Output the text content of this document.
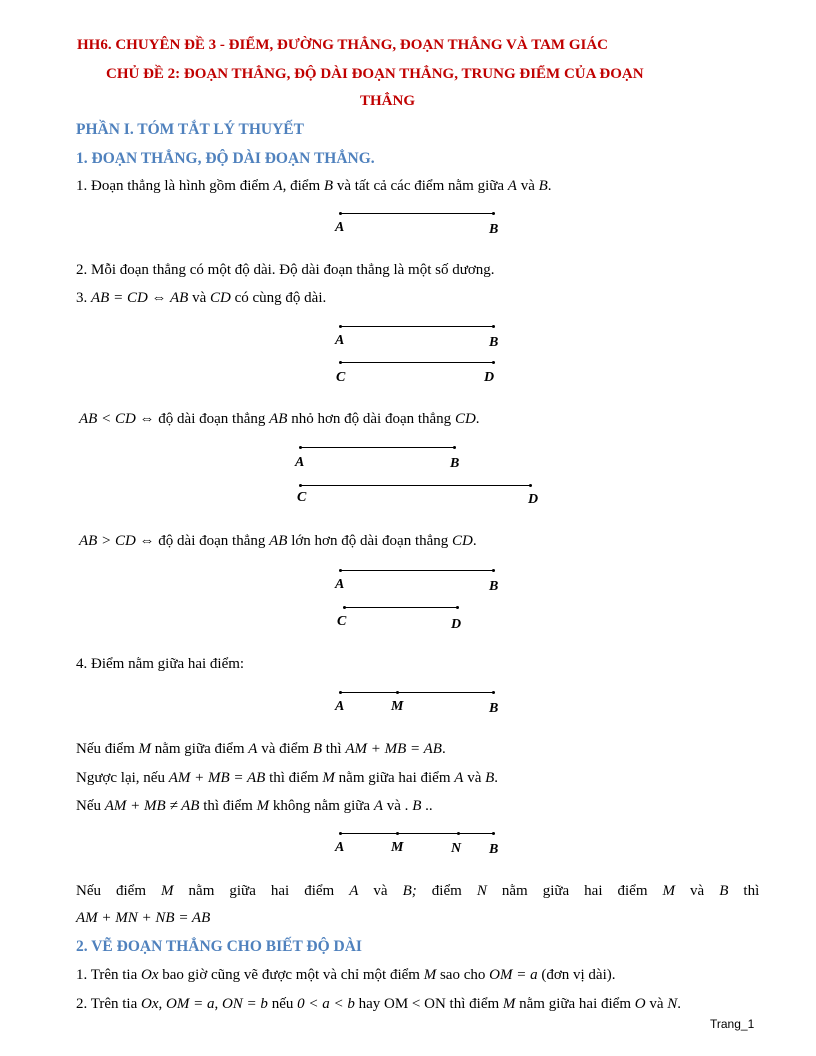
HH6. CHUYÊN ĐỀ 3 - ĐIỂM, ĐƯỜNG THẲNG, ĐOẠN THẲNG VÀ TAM GIÁC
CHỦ ĐỀ 2: ĐOẠN THẲNG, ĐỘ DÀI ĐOẠN THẲNG, TRUNG ĐIỂM CỦA ĐOẠN
THẲNG
PHẦN I. TÓM TẮT LÝ THUYẾT
1. ĐOẠN THẲNG, ĐỘ DÀI ĐOẠN THẲNG.
1. Đoạn thẳng là hình gồm điểm A, điểm B và tất cả các điểm nằm giữa A và B.
A	B
2. Mỗi đoạn thẳng có một độ dài. Độ dài đoạn thẳng là một số dương.
3. AB = CD ⇔ AB và CD có cùng độ dài.
A	B
C	D
AB < CD ⇔ độ dài đoạn thẳng AB nhỏ hơn độ dài đoạn thẳng CD.
A	B
C	D
AB > CD ⇔ độ dài đoạn thẳng AB lớn hơn độ dài đoạn thẳng CD.
A	B
C	D
4. Điểm nằm giữa hai điểm:
A	M	B
Nếu điểm M nằm giữa điểm A và điểm B thì AM + MB = AB.
Ngược lại, nếu AM + MB = AB thì điểm M nằm giữa hai điểm A và B.
Nếu AM + MB ≠ AB thì điểm M không nằm giữa A và . B ..
A	M	N B
Nếu điểm M nằm giữa hai điểm A và B; điểm N nằm giữa hai điểm M và B thì
AM + MN + NB = AB
2. VẼ ĐOẠN THẲNG CHO BIẾT ĐỘ DÀI
1. Trên tia Ox bao giờ cũng vẽ được một và chỉ một điểm M sao cho OM = a (đơn vị dài).
2. Trên tia Ox, OM = a, ON = b nếu 0 < a < b hay OM < ON thì điểm M nằm giữa hai điểm O và N.
Trang_1
